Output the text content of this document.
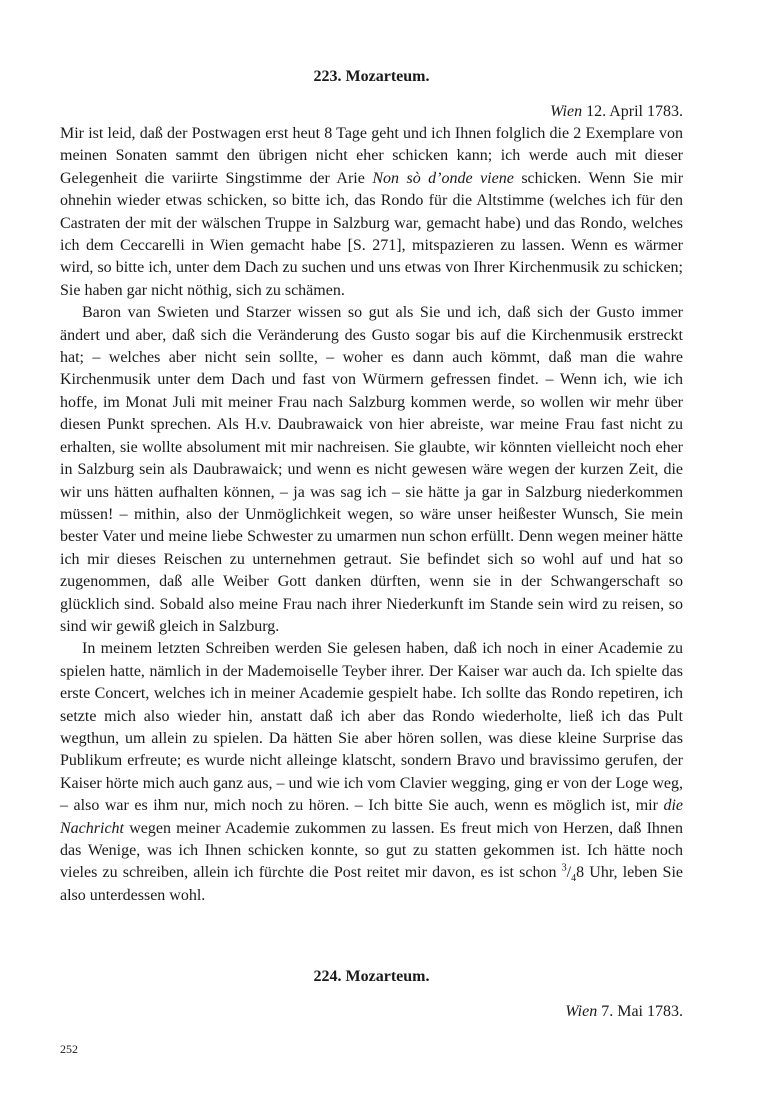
223. Mozarteum.

Wien 12. April 1783.

Mir ist leid, daß der Postwagen erst heut 8 Tage geht und ich Ihnen folglich die 2 Exemplare von meinen Sonaten sammt den übrigen nicht eher schicken kann; ich werde auch mit dieser Gelegenheit die variirte Singstimme der Arie Non sò d’onde viene schicken. Wenn Sie mir ohnehin wieder etwas schicken, so bitte ich, das Rondo für die Altstimme (welches ich für den Castraten der mit der wälschen Truppe in Salzburg war, gemacht habe) und das Rondo, welches ich dem Ceccarelli in Wien gemacht habe [S. 271], mitspazieren zu lassen. Wenn es wärmer wird, so bitte ich, unter dem Dach zu suchen und uns etwas von Ihrer Kirchenmusik zu schicken; Sie haben gar nicht nöthig, sich zu schämen.

Baron van Swieten und Starzer wissen so gut als Sie und ich, daß sich der Gusto immer ändert und aber, daß sich die Veränderung des Gusto sogar bis auf die Kirchenmusik erstreckt hat; – welches aber nicht sein sollte, – woher es dann auch kömmt, daß man die wahre Kirchenmusik unter dem Dach und fast von Würmern gefressen findet. – Wenn ich, wie ich hoffe, im Monat Juli mit meiner Frau nach Salzburg kommen werde, so wollen wir mehr über diesen Punkt sprechen. Als H.v. Daubrawaick von hier abreiste, war meine Frau fast nicht zu erhalten, sie wollte absolument mit mir nachreisen. Sie glaubte, wir könnten vielleicht noch eher in Salzburg sein als Daubrawaick; und wenn es nicht gewesen wäre wegen der kurzen Zeit, die wir uns hätten aufhalten können, – ja was sag ich – sie hätte ja gar in Salzburg niederkommen müssen! – mithin, also der Unmöglichkeit wegen, so wäre unser heißester Wunsch, Sie mein bester Vater und meine liebe Schwester zu umarmen nun schon erfüllt. Denn wegen meiner hätte ich mir dieses Reischen zu unternehmen getraut. Sie befindet sich so wohl auf und hat so zugenommen, daß alle Weiber Gott danken dürften, wenn sie in der Schwangerschaft so glücklich sind. Sobald also meine Frau nach ihrer Niederkunft im Stande sein wird zu reisen, so sind wir gewiß gleich in Salzburg.

In meinem letzten Schreiben werden Sie gelesen haben, daß ich noch in einer Academie zu spielen hatte, nämlich in der Mademoiselle Teyber ihrer. Der Kaiser war auch da. Ich spielte das erste Concert, welches ich in meiner Academie gespielt habe. Ich sollte das Rondo repetiren, ich setzte mich also wieder hin, anstatt daß ich aber das Rondo wiederholte, ließ ich das Pult wegthun, um allein zu spielen. Da hätten Sie aber hören sollen, was diese kleine Surprise das Publikum erfreute; es wurde nicht alleinge klatscht, sondern Bravo und bravissimo gerufen, der Kaiser hörte mich auch ganz aus, – und wie ich vom Clavier wegging, ging er von der Loge weg, – also war es ihm nur, mich noch zu hören. – Ich bitte Sie auch, wenn es möglich ist, mir die Nachricht wegen meiner Academie zukommen zu lassen. Es freut mich von Herzen, daß Ihnen das Wenige, was ich Ihnen schicken konnte, so gut zu statten gekommen ist. Ich hätte noch vieles zu schreiben, allein ich fürchte die Post reitet mir davon, es ist schon $^3/_48$ Uhr, leben Sie also unterdessen wohl.

224. Mozarteum.

Wien 7. Mai 1783.

252
